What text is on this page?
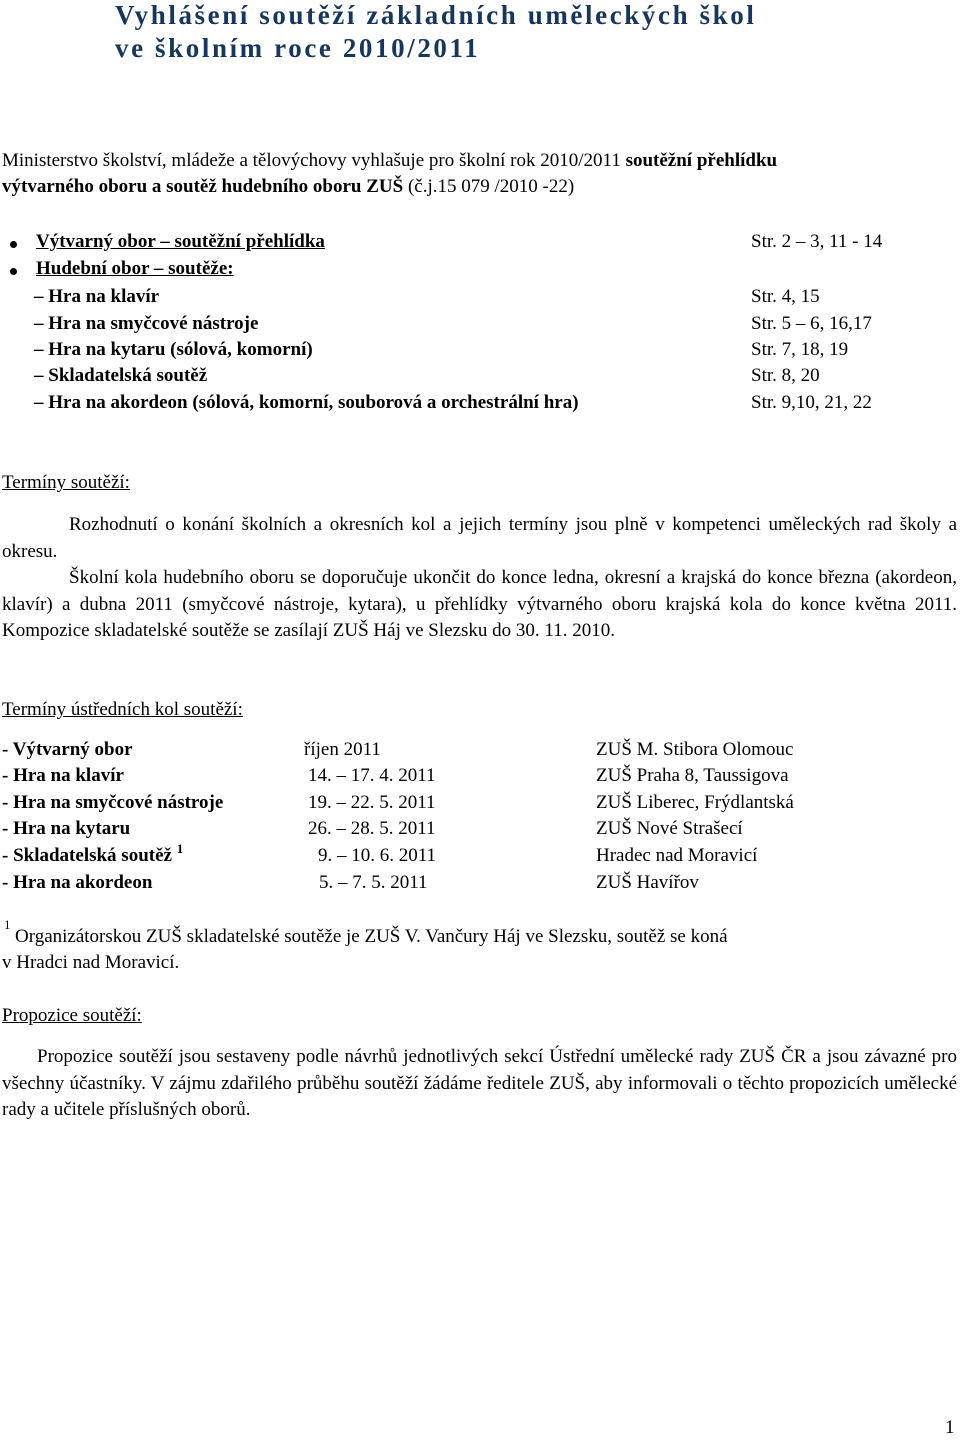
Vyhlášení soutěží základních uměleckých škol
ve školním roce 2010/2011
Ministerstvo školství, mládeže a tělovýchovy vyhlašuje pro školní rok 2010/2011 soutěžní přehlídku
výtvarného oboru a soutěž hudebního oboru ZUŠ (č.j.15 079 /2010 -22)
Výtvarný obor – soutěžní přehlídka	Str. 2 – 3, 11 - 14
Hudební obor – soutěže:
– Hra na klavír	Str. 4, 15
– Hra na smyčcové nástroje	Str. 5 – 6, 16,17
– Hra na kytaru (sólová, komorní)	Str. 7, 18, 19
– Skladatelská soutěž	Str. 8, 20
– Hra na akordeon (sólová, komorní, souborová a orchestrální hra)	Str. 9,10, 21, 22
Termíny soutěží:
Rozhodnutí o konání školních a okresních kol a jejich termíny jsou plně v kompetenci uměleckých rad školy a okresu.
Školní kola hudebního oboru se doporučuje ukončit do konce ledna, okresní a krajská do konce března (akordeon, klavír) a dubna 2011 (smyčcové nástroje, kytara), u přehlídky výtvarného oboru krajská kola do konce května 2011. Kompozice skladatelské soutěže se zasílají ZUŠ Háj ve Slezsku do 30. 11. 2010.
Termíny ústředních kol soutěží:
- Výtvarný obor	říjen 2011	ZUŠ M. Stibora Olomouc
- Hra na klavír	14. – 17. 4. 2011	ZUŠ Praha 8, Taussigova
- Hra na smyčcové nástroje	19. – 22. 5. 2011	ZUŠ Liberec, Frýdlantská
- Hra na kytaru	26. – 28. 5. 2011	ZUŠ Nové Strašecí
- Skladatelská soutěž $^1$	9. – 10. 6. 2011	Hradec nad Moravicí
- Hra na akordeon	5. – 7. 5. 2011	ZUŠ Havířov
1
Organizátorskou ZUŠ skladatelské soutěže je ZUŠ V. Vančury Háj ve Slezsku, soutěž se koná
v Hradci nad Moravicí.
Propozice soutěží:
Propozice soutěží jsou sestaveny podle návrhů jednotlivých sekcí Ústřední umělecké rady ZUŠ ČR a jsou závazné pro všechny účastníky. V zájmu zdařilého průběhu soutěží žádáme ředitele ZUŠ, aby informovali o těchto propozicích umělecké rady a učitele příslušných oborů.
1
